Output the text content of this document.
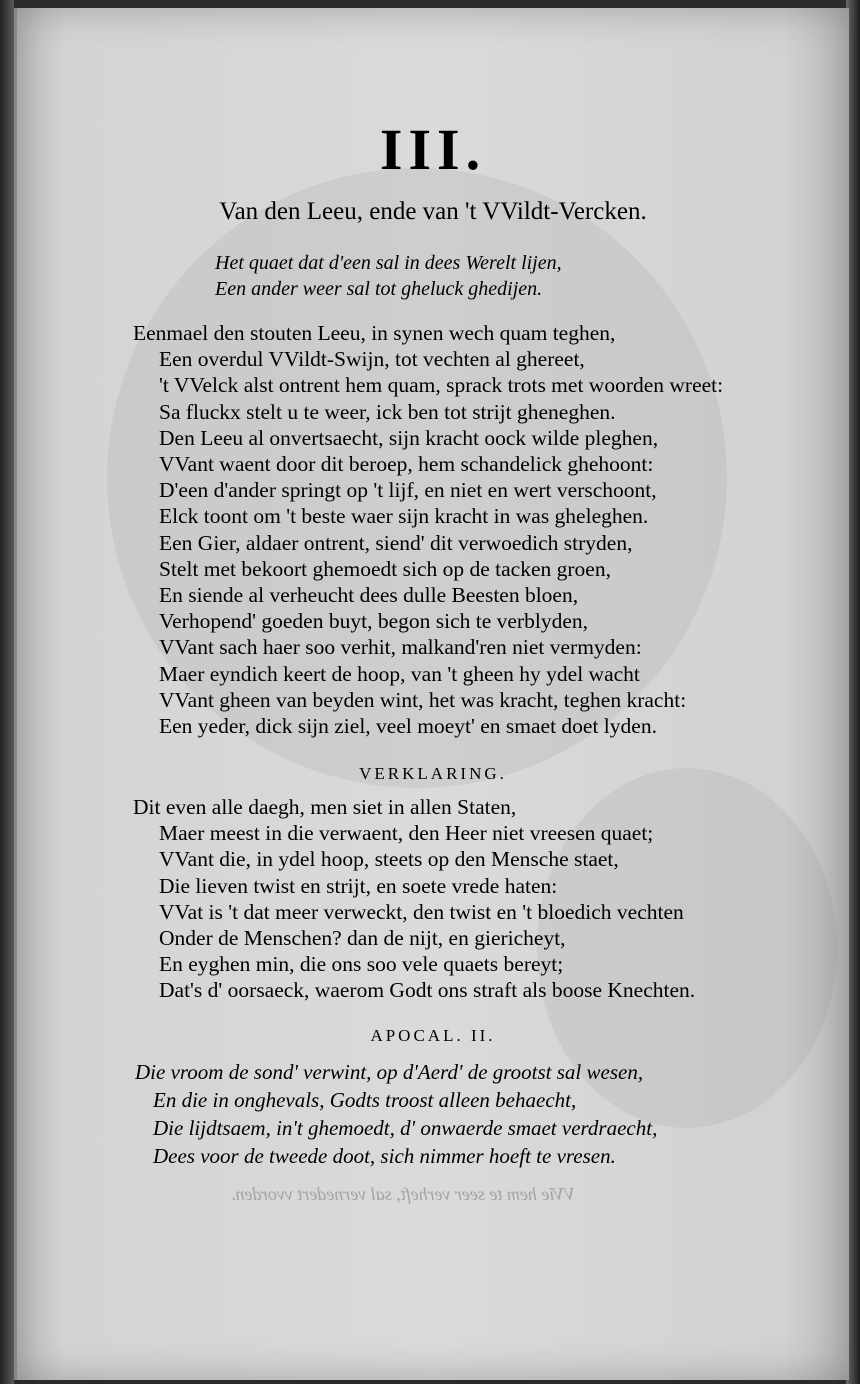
III.
Van den Leeu, ende van 't VVildt-Vercken.
Het quaet dat d'een sal in dees Werelt lijen,
Een ander weer sal tot gheluck ghedijen.
Eenmael den stouten Leeu, in synen wech quam teghen,
Een overdul VVildt-Swijn, tot vechten al ghereet,
't VVelck alst ontrent hem quam, sprack trots met woorden wreet:
Sa fluckx stelt u te weer, ick ben tot strijt gheneghen.
Den Leeu al onvertsaecht, sijn kracht oock wilde pleghen,
VVant waent door dit beroep, hem schandelick ghehoont:
D'een d'ander springt op 't lijf, en niet en wert verschoont,
Elck toont om 't beste waer sijn kracht in was gheleghen.
Een Gier, aldaer ontrent, siend' dit verwoedich stryden,
Stelt met bekoort ghemoedt sich op de tacken groen,
En siende al verheucht dees dulle Beesten bloen,
Verhopend' goeden buyt, begon sich te verblyden,
VVant sach haer soo verhit, malkand'ren niet vermyden:
Maer eyndich keert de hoop, van 't gheen hy ydel wacht
VVant gheen van beyden wint, het was kracht, teghen kracht:
Een yeder, dick sijn ziel, veel moeyt' en smaet doet lyden.
VERKLARING.
Dit even alle daegh, men siet in allen Staten,
Maer meest in die verwaent, den Heer niet vreesen quaet;
VVant die, in ydel hoop, steets op den Mensche staet,
Die lieven twist en strijt, en soete vrede haten:
VVat is 't dat meer verweckt, den twist en 't bloedich vechten
Onder de Menschen? dan de nijt, en giericheyt,
En eyghen min, die ons soo vele quaets bereyt;
Dat's d' oorsaeck, waerom Godt ons straft als boose Knechten.
APOCAL. II.
Die vroom de sond' verwint, op d'Aerd' de grootst sal wesen,
En die in onghevals, Godts troost alleen behaecht,
Die lijdtsaem, in't ghemoedt, d' onwaerde smaet verdraecht,
Dees voor de tweede doot, sich nimmer hoeft te vresen.
VVie hem te seer verheft, sal vernedert vvorden.
